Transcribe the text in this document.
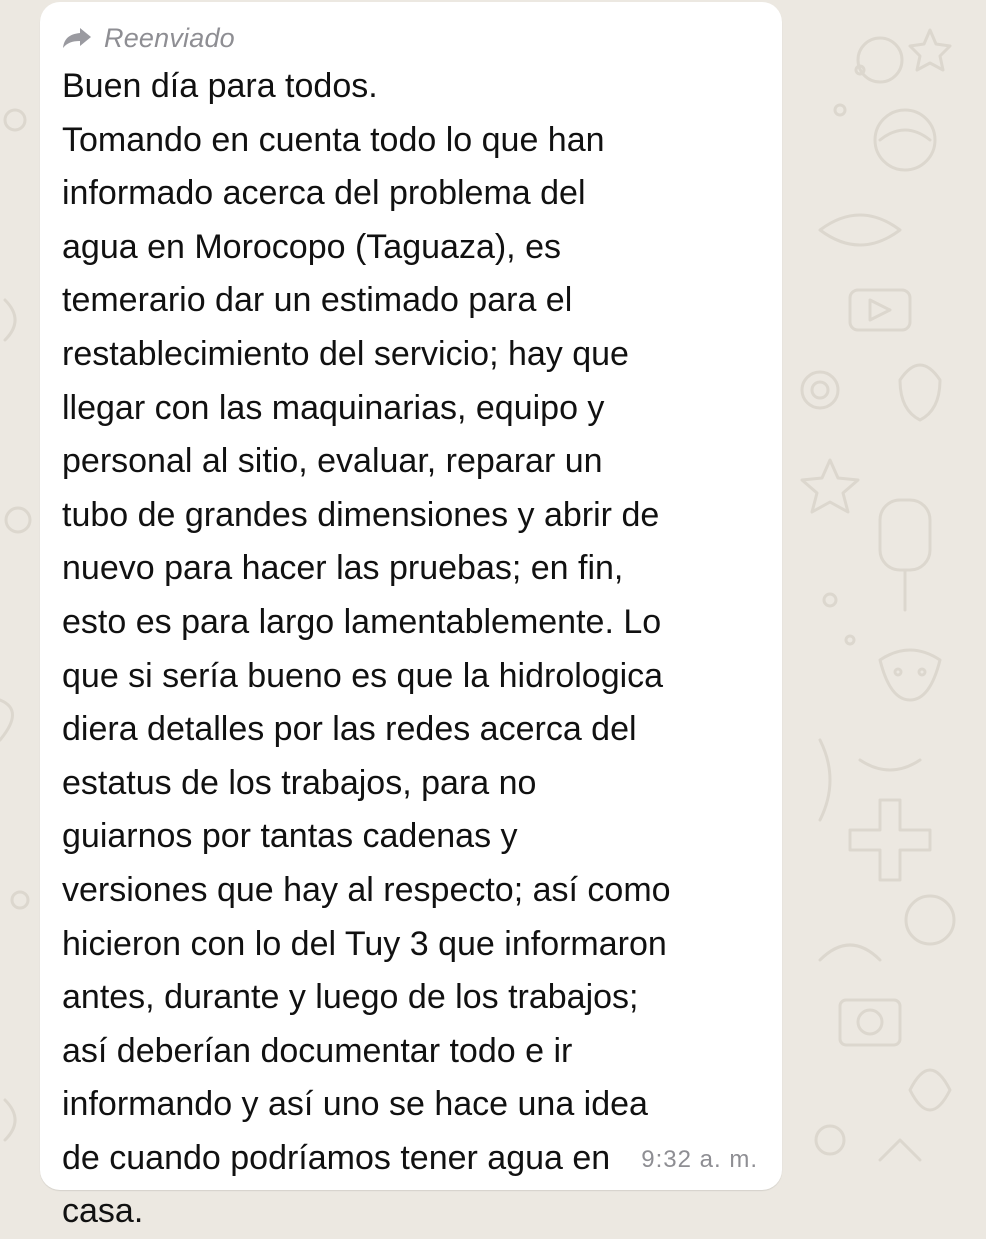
Reenviado

Buen día para todos.
Tomando en cuenta todo lo que han
informado acerca del problema del
agua en Morocopo (Taguaza), es
temerario dar un estimado para el
restablecimiento del servicio; hay que
llegar con las maquinarias, equipo y
personal al sitio, evaluar, reparar un
tubo de grandes dimensiones y abrir de
nuevo para hacer las pruebas; en fin,
esto es para largo lamentablemente. Lo
que si sería bueno es que la hidrologica
diera detalles por las redes acerca del
estatus de los trabajos, para no
guiarnos por tantas cadenas y
versiones que hay al respecto; así como
hicieron con lo del Tuy 3 que informaron
antes, durante y luego de los trabajos;
así deberían documentar todo e ir
informando y así uno se hace una idea
de cuando podríamos tener agua en
casa.

9:32 a. m.
